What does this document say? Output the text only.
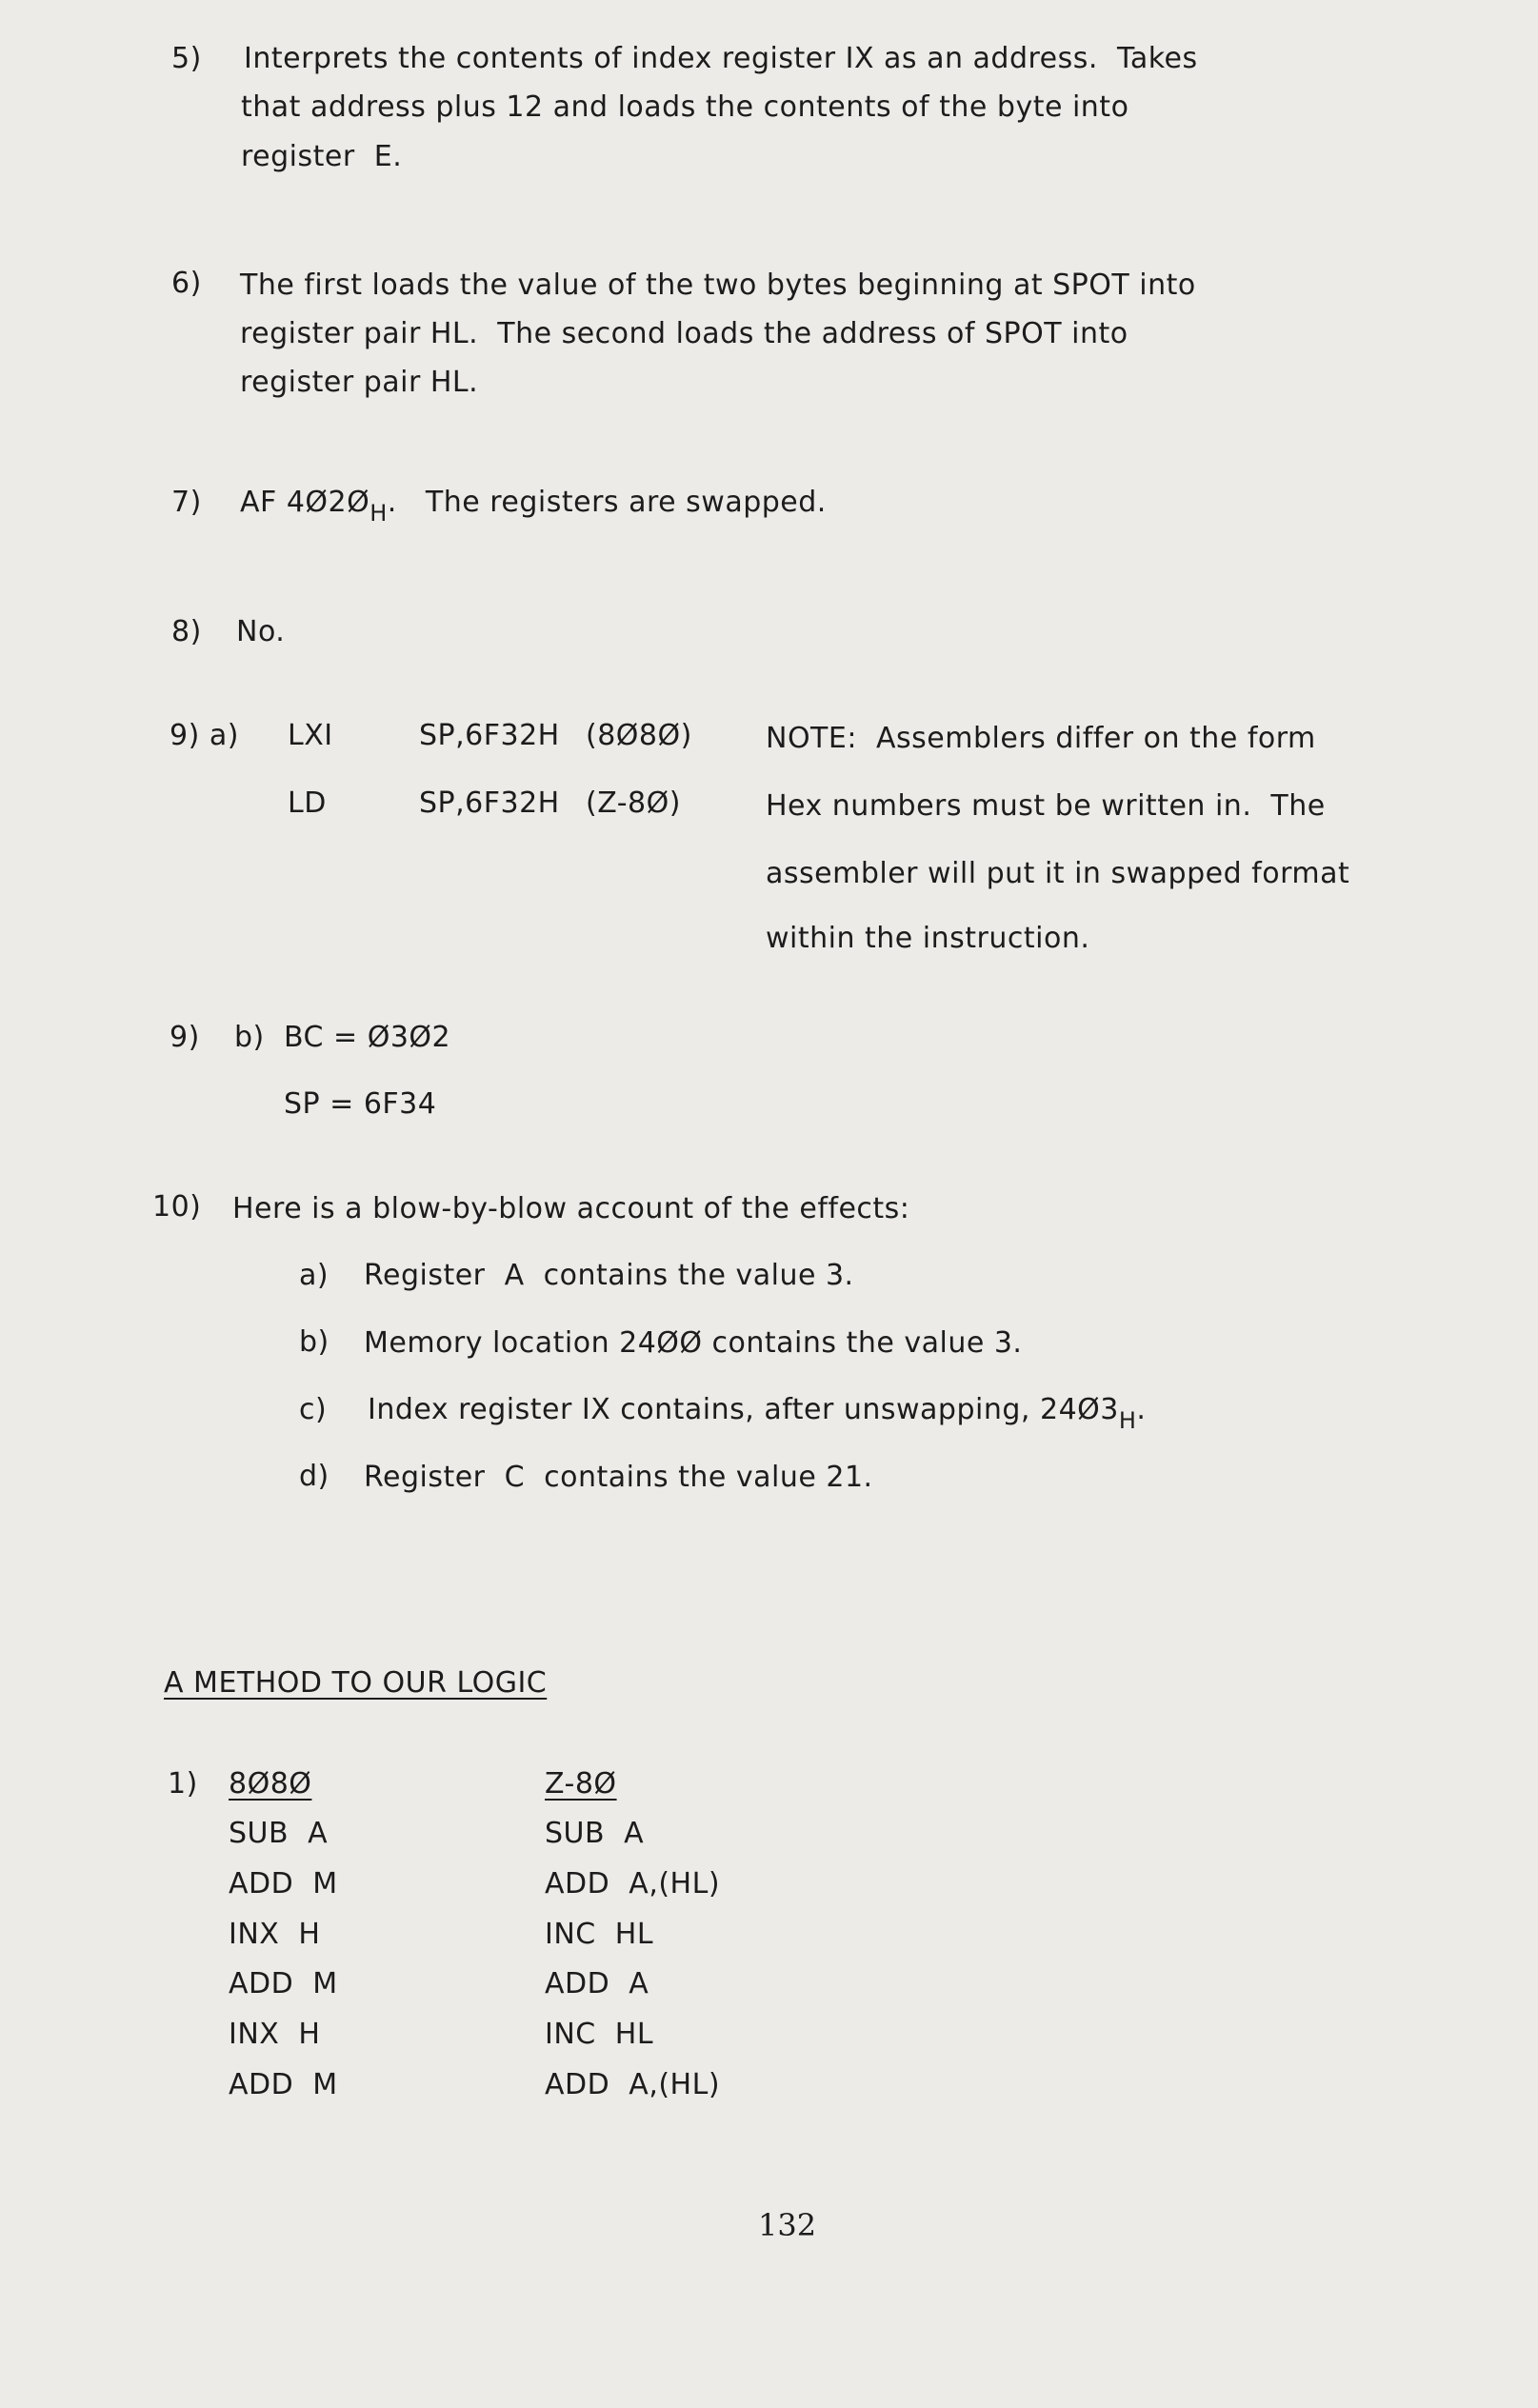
5) Interprets the contents of index register IX as an address.  Takes
that address plus 12 and loads the contents of the byte into
register  E.
6) The first loads the value of the two bytes beginning at SPOT into
register pair HL.  The second loads the address of SPOT into
register pair HL.
7) AF $4Ø2Ø_H$.   The registers are swapped.
8) No.
9) a) LXI	SP,6F32H (8Ø8Ø)
LD	SP,6F32H (Z-8Ø)
NOTE:  Assemblers differ on the form
Hex numbers must be written in.  The
assembler will put it in swapped format
within the instruction.
9) b) BC = Ø3Ø2
SP = 6F34
10) Here is a blow-by-blow account of the effects:
a) Register  A  contains the value 3.
b) Memory location 24ØØ contains the value 3.
c) Index register IX contains, after unswapping, $24Ø3_H$.
d) Register  C  contains the value 21.
A METHOD TO OUR LOGIC
1) 8Ø8Ø	Z-8Ø
SUB  A	SUB  A
ADD  M	ADD  A,(HL)
INX  H	INC  HL
ADD  M	ADD  A
INX  H	INC  HL
ADD  M	ADD  A,(HL)
132
